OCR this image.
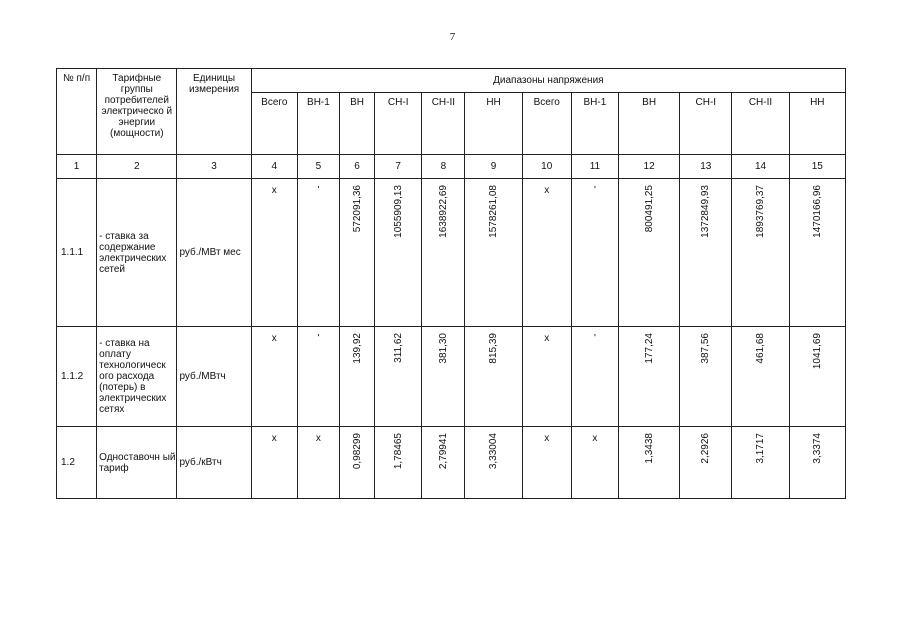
7
№ п/п	Тарифные группы потребителей электрическо й энергии (мощности)	Единицы измерения	Диапазоны напряжения											
			Всего	ВН-1	ВН	СН-I	СН-II	НН	Всего	ВН-1	ВН	СН-I	СН-II	НН
1	2	3	4	5	6	7	8	9	10	11	12	13	14	15
1.1.1	- ставка за содержание электрических сетей	руб./МВт мес	x	'	572091,36	1055909,13	1638922,69	1578261,08	x	'	800491,25	1372849,93	1893769,37	1470166,96

1.1.2	- ставка на оплату технологическ ого расхода (потерь) в электрических сетях	руб./МВтч	x	'	139,92	311,62	381,30	815,39	x	'	177,24	387,56	461,68	1041,69

1.2	Одноставочн ый тариф	руб./кВтч	x	x	0,98299	1,78465	2,79941	3,33004	x	x	1,3438	2,2926	3,1717	3,3374
